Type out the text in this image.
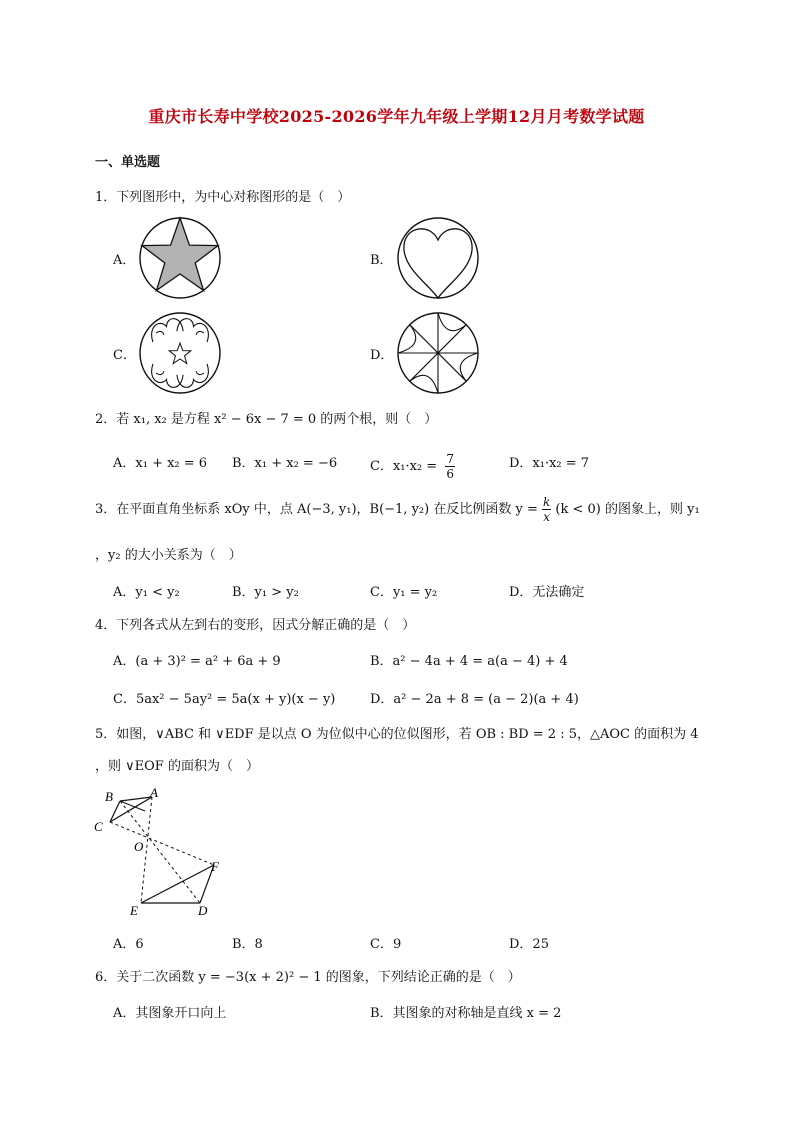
重庆市长寿中学校2025-2026学年九年级上学期12月月考数学试题
一、单选题
1．下列图形中，为中心对称图形的是（　）
A．	B．
C．	D．
2．若 x₁, x₂ 是方程 x² − 6x − 7 = 0 的两个根，则（　）
A．x₁ + x₂ = 6 B．x₁ + x₂ = −6	C．$x_1\cdot x_2 = \frac{7}{6}$	D．x₁·x₂ = 7
3．在平面直角坐标系 xOy 中，点 A(−3, y₁)，B(−1, y₂) 在反比例函数 $y = \frac{k}{x} (k < 0)$ 的图象上，则 y₁
，y₂ 的大小关系为（　）
A．y₁ < y₂	B．y₁ > y₂	C．y₁ = y₂	D．无法确定
4．下列各式从左到右的变形，因式分解正确的是（　）
A．(a + 3)² = a² + 6a + 9	B．a² − 4a + 4 = a(a − 4) + 4
C．5ax² − 5ay² = 5a(x + y)(x − y)	D．a² − 2a + 8 = (a − 2)(a + 4)
5．如图，∨ABC 和 ∨EDF 是以点 O 为位似中心的位似图形，若 OB : BD = 2 : 5，△AOC 的面积为 4
，则 ∨EOF 的面积为（　）
B	A
C
O
F
E	D
A．6	B．8	C．9	D．25
6．关于二次函数 y = −3(x + 2)² − 1 的图象，下列结论正确的是（　）
A．其图象开口向上	B．其图象的对称轴是直线 x = 2
